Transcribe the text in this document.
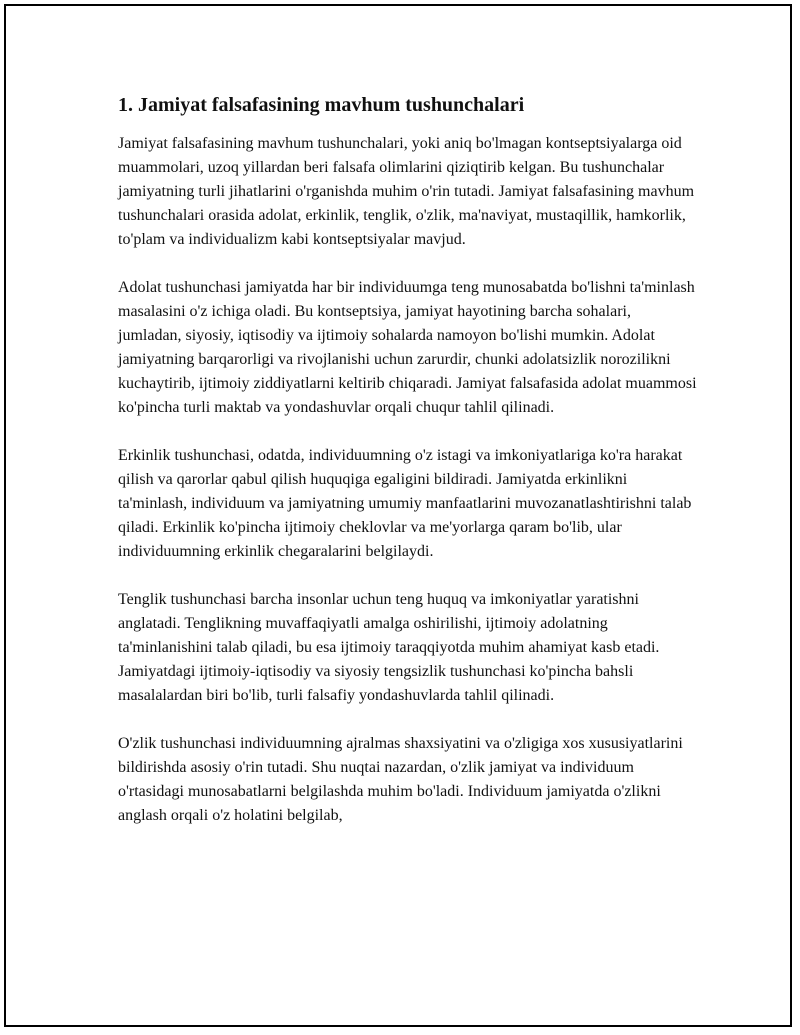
1. Jamiyat falsafasining mavhum tushunchalari

Jamiyat falsafasining mavhum tushunchalari, yoki aniq bo'lmagan kontseptsiyalarga oid muammolari, uzoq yillardan beri falsafa olimlarini qiziqtirib kelgan. Bu tushunchalar jamiyatning turli jihatlarini o'rganishda muhim o'rin tutadi. Jamiyat falsafasining mavhum tushunchalari orasida adolat, erkinlik, tenglik, o'zlik, ma'naviyat, mustaqillik, hamkorlik, to'plam va individualizm kabi kontseptsiyalar mavjud.

Adolat tushunchasi jamiyatda har bir individuumga teng munosabatda bo'lishni ta'minlash masalasini o'z ichiga oladi. Bu kontseptsiya, jamiyat hayotining barcha sohalari, jumladan, siyosiy, iqtisodiy va ijtimoiy sohalarda namoyon bo'lishi mumkin. Adolat jamiyatning barqarorligi va rivojlanishi uchun zarurdir, chunki adolatsizlik norozilikni kuchaytirib, ijtimoiy ziddiyatlarni keltirib chiqaradi. Jamiyat falsafasida adolat muammosi ko'pincha turli maktab va yondashuvlar orqali chuqur tahlil qilinadi.

Erkinlik tushunchasi, odatda, individuumning o'z istagi va imkoniyatlariga ko'ra harakat qilish va qarorlar qabul qilish huquqiga egaligini bildiradi. Jamiyatda erkinlikni ta'minlash, individuum va jamiyatning umumiy manfaatlarini muvozanatlashtirishni talab qiladi. Erkinlik ko'pincha ijtimoiy cheklovlar va me'yorlarga qaram bo'lib, ular individuumning erkinlik chegaralarini belgilaydi.

Tenglik tushunchasi barcha insonlar uchun teng huquq va imkoniyatlar yaratishni anglatadi. Tenglikning muvaffaqiyatli amalga oshirilishi, ijtimoiy adolatning ta'minlanishini talab qiladi, bu esa ijtimoiy taraqqiyotda muhim ahamiyat kasb etadi. Jamiyatdagi ijtimoiy-iqtisodiy va siyosiy tengsizlik tushunchasi ko'pincha bahsli masalalardan biri bo'lib, turli falsafiy yondashuvlarda tahlil qilinadi.

O'zlik tushunchasi individuumning ajralmas shaxsiyatini va o'zligiga xos xususiyatlarini bildirishda asosiy o'rin tutadi. Shu nuqtai nazardan, o'zlik jamiyat va individuum o'rtasidagi munosabatlarni belgilashda muhim bo'ladi. Individuum jamiyatda o'zlikni anglash orqali o'z holatini belgilab,
